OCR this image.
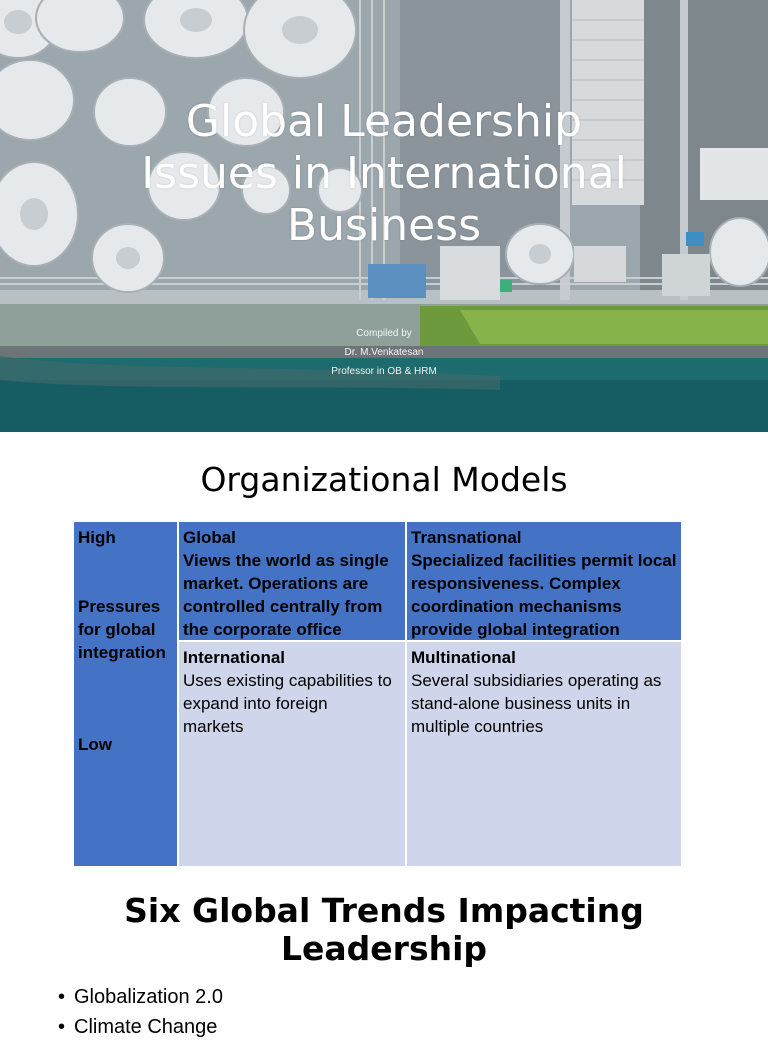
Global Leadership
Issues in International
Business
Compiled by
Dr. M.Venkatesan
Professor in OB & HRM
Organizational Models
High
Pressures
for global
integration
Low
Global
Views the world as single
market. Operations are
controlled centrally from
the corporate office
Transnational
Specialized facilities permit local
responsiveness. Complex
coordination mechanisms
provide global integration
International
Uses existing capabilities to
expand into foreign
markets
Multinational
Several subsidiaries operating as
stand-alone business units in
multiple countries
Six Global Trends Impacting
Leadership
• Globalization 2.0
• Climate Change
